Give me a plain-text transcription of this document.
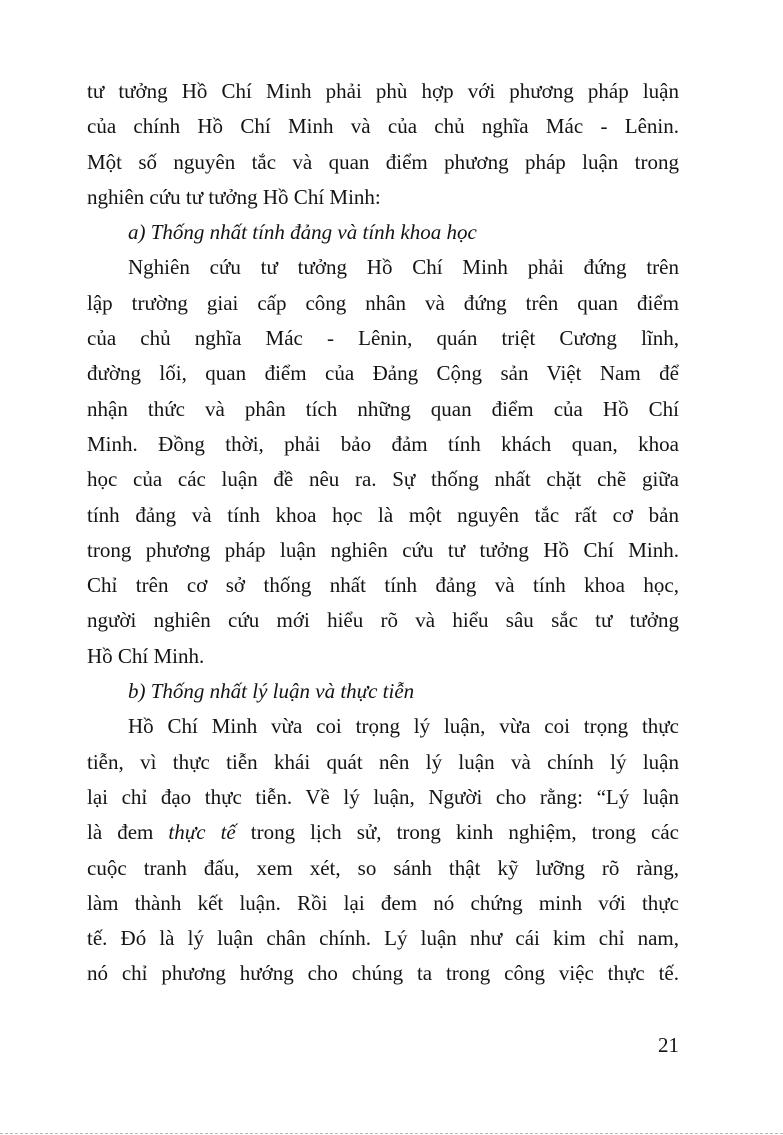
tư tưởng Hồ Chí Minh phải phù hợp với phương pháp luận
của chính Hồ Chí Minh và của chủ nghĩa Mác - Lênin.
Một số nguyên tắc và quan điểm phương pháp luận trong
nghiên cứu tư tưởng Hồ Chí Minh:
a) Thống nhất tính đảng và tính khoa học
Nghiên cứu tư tưởng Hồ Chí Minh phải đứng trên
lập trường giai cấp công nhân và đứng trên quan điểm
của chủ nghĩa Mác - Lênin, quán triệt Cương lĩnh,
đường lối, quan điểm của Đảng Cộng sản Việt Nam để
nhận thức và phân tích những quan điểm của Hồ Chí
Minh. Đồng thời, phải bảo đảm tính khách quan, khoa
học của các luận đề nêu ra. Sự thống nhất chặt chẽ giữa
tính đảng và tính khoa học là một nguyên tắc rất cơ bản
trong phương pháp luận nghiên cứu tư tưởng Hồ Chí Minh.
Chỉ trên cơ sở thống nhất tính đảng và tính khoa học,
người nghiên cứu mới hiểu rõ và hiểu sâu sắc tư tưởng
Hồ Chí Minh.
b) Thống nhất lý luận và thực tiễn
Hồ Chí Minh vừa coi trọng lý luận, vừa coi trọng thực
tiễn, vì thực tiễn khái quát nên lý luận và chính lý luận
lại chỉ đạo thực tiễn. Về lý luận, Người cho rằng: “Lý luận
là đem thực tế trong lịch sử, trong kinh nghiệm, trong các
cuộc tranh đấu, xem xét, so sánh thật kỹ lưỡng rõ ràng,
làm thành kết luận. Rồi lại đem nó chứng minh với thực
tế. Đó là lý luận chân chính. Lý luận như cái kim chỉ nam,
nó chỉ phương hướng cho chúng ta trong công việc thực tế.
21
